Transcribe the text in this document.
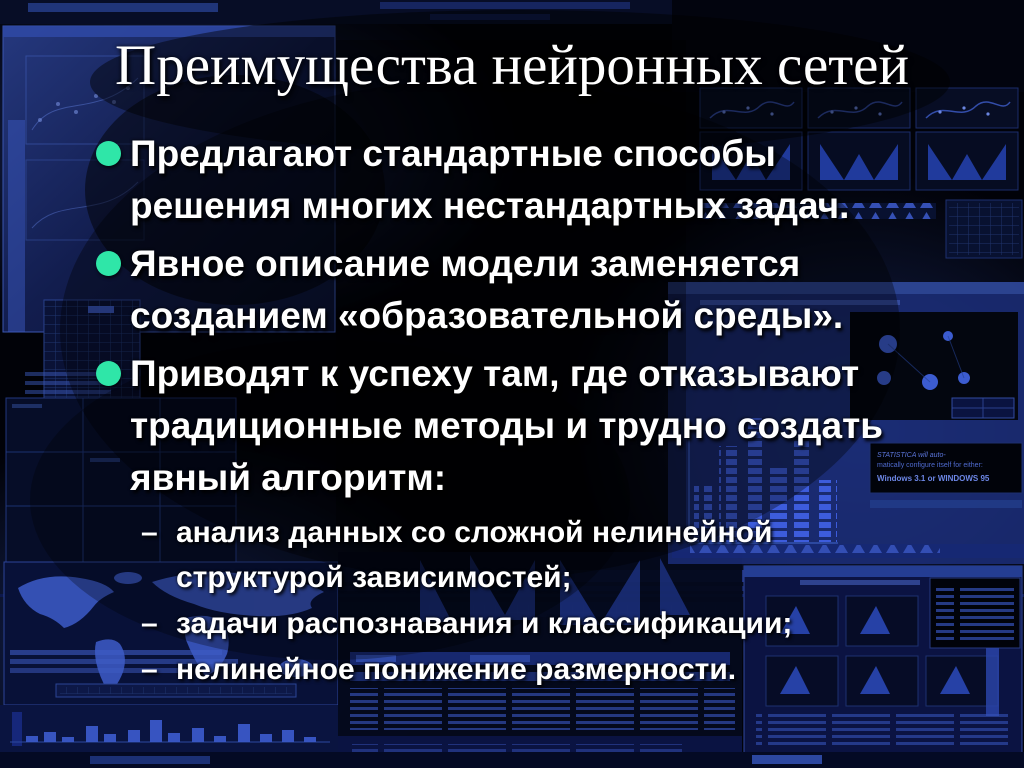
STATISTICA will auto-
matically configure itself for either:
Windows 3.1 or WINDOWS 95
Преимущества нейронных сетей

Предлагают стандартные способы решения многих нестандартных задач.

Явное описание модели заменяется созданием «образовательной среды».

Приводят к успеху там, где отказывают традиционные методы и трудно создать явный алгоритм:

– анализ данных со сложной нелинейной структурой зависимостей;

– задачи распознавания и классификации;

– нелинейное понижение размерности.
